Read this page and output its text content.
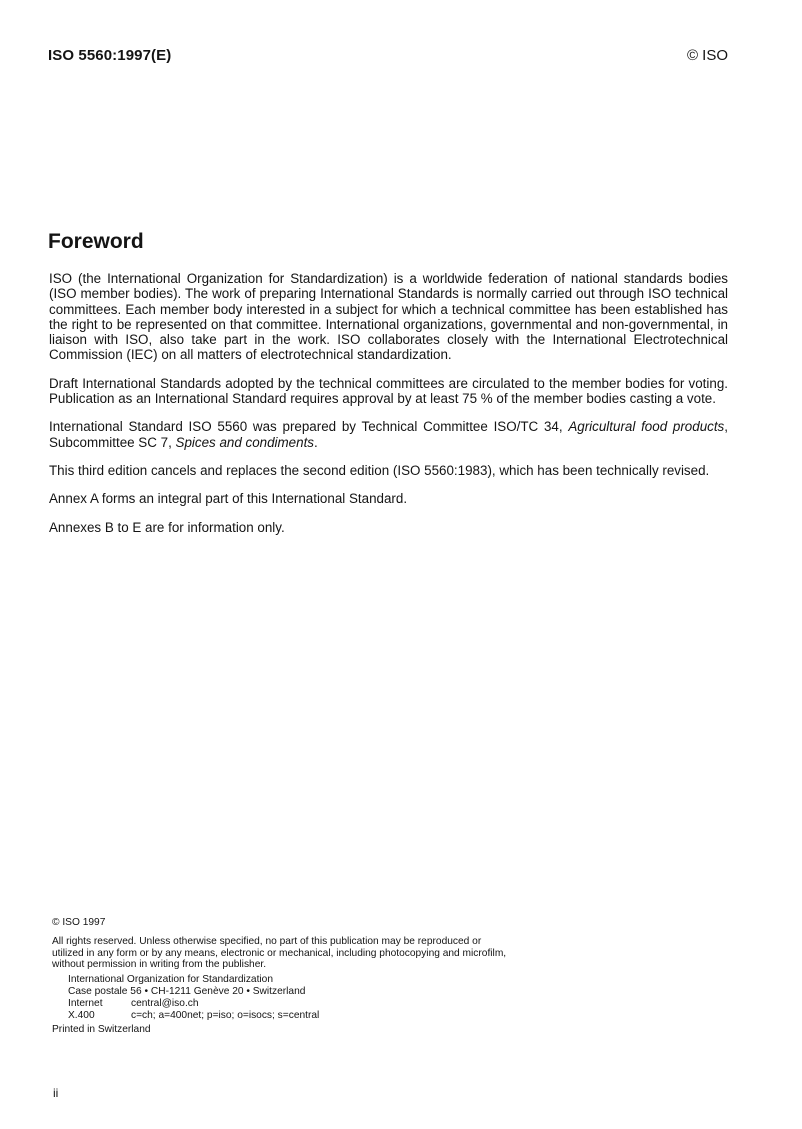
ISO 5560:1997(E)	© ISO
Foreword

ISO (the International Organization for Standardization) is a worldwide federation of national standards bodies (ISO member bodies). The work of preparing International Standards is normally carried out through ISO technical committees. Each member body interested in a subject for which a technical committee has been established has the right to be represented on that committee. International organizations, governmental and non-governmental, in liaison with ISO, also take part in the work. ISO collaborates closely with the International Electrotechnical Commission (IEC) on all matters of electrotechnical standardization.

Draft International Standards adopted by the technical committees are circulated to the member bodies for voting. Publication as an International Standard requires approval by at least 75 % of the member bodies casting a vote.

International Standard ISO 5560 was prepared by Technical Committee ISO/TC 34, Agricultural food products, Subcommittee SC 7, Spices and condiments.

This third edition cancels and replaces the second edition (ISO 5560:1983), which has been technically revised.

Annex A forms an integral part of this International Standard.

Annexes B to E are for information only.

© ISO 1997
All rights reserved. Unless otherwise specified, no part of this publication may be reproduced or utilized in any form or by any means, electronic or mechanical, including photocopying and microfilm, without permission in writing from the publisher.
International Organization for Standardization
Case postale 56 • CH-1211 Genève 20 • Switzerland
Internet	central@iso.ch
X.400	c=ch; a=400net; p=iso; o=isocs; s=central
Printed in Switzerland
ii
